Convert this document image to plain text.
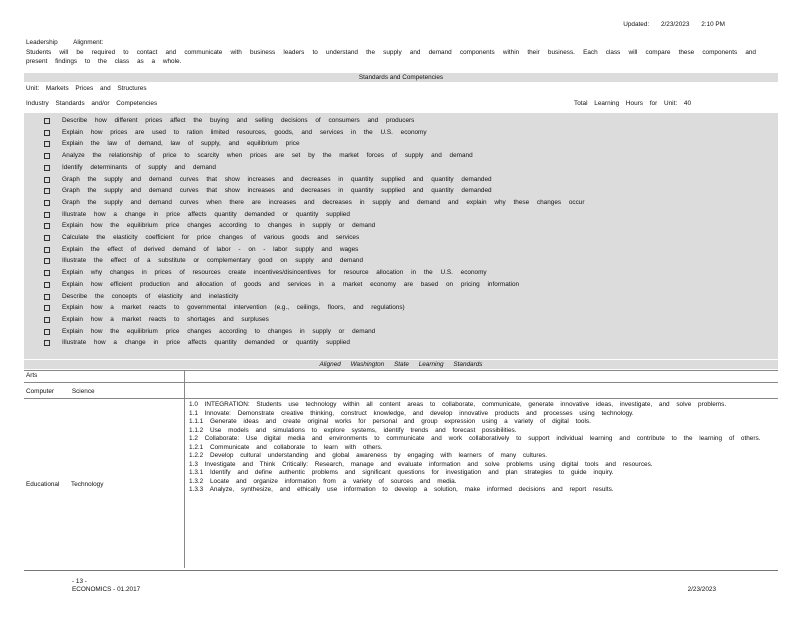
Updated: 2/23/2023 2:10 PM
Leadership Alignment:
Students will be required to contact and communicate with business leaders to understand the supply and demand components within their business. Each class will compare these components and present findings to the class as a whole.
Standards and Competencies
Unit: Markets Prices and Structures
Industry Standards and/or Competencies	Total Learning Hours for Unit: 40
Describe how different prices affect the buying and selling decisions of consumers and producers
Explain how prices are used to ration limited resources, goods, and services in the U.S. economy
Explain the law of demand, law of supply, and equilibrium price
Analyze the relationship of price to scarcity when prices are set by the market forces of supply and demand
Identify determinants of supply and demand
Graph the supply and demand curves that show increases and decreases in quantity supplied and quantity demanded
Graph the supply and demand curves that show increases and decreases in quantity supplied and quantity demanded
Graph the supply and demand curves when there are increases and decreases in supply and demand and explain why these changes occur
Illustrate how a change in price affects quantity demanded or quantity supplied
Explain how the equilibrium price changes according to changes in supply or demand
Calculate the elasticity coefficient for price changes of various goods and services
Explain the effect of derived demand of labor - on - labor supply and wages
Illustrate the effect of a substitute or complementary good on supply and demand
Explain why changes in prices of resources create incentives/disincentives for resource allocation in the U.S. economy
Explain how efficient production and allocation of goods and services in a market economy are based on pricing information
Describe the concepts of elasticity and inelasticity
Explain how a market reacts to governmental intervention (e.g., ceilings, floors, and regulations)
Explain how a market reacts to shortages and surpluses
Explain how the equilibrium price changes according to changes in supply or demand
Illustrate how a change in price affects quantity demanded or quantity supplied
Aligned Washington State Learning Standards
Arts
Computer Science
Educational Technology
1.0 INTEGRATION: Students use technology within all content areas to collaborate, communicate, generate innovative ideas, investigate, and solve problems.
1.1 Innovate: Demonstrate creative thinking, construct knowledge, and develop innovative products and processes using technology.
1.1.1 Generate ideas and create original works for personal and group expression using a variety of digital tools.
1.1.2 Use models and simulations to explore systems, identify trends and forecast possibilities.
1.2 Collaborate: Use digital media and environments to communicate and work collaboratively to support individual learning and contribute to the learning of others.
1.2.1 Communicate and collaborate to learn with others.
1.2.2 Develop cultural understanding and global awareness by engaging with learners of many cultures.
1.3 Investigate and Think Critically: Research, manage and evaluate information and solve problems using digital tools and resources.
1.3.1 Identify and define authentic problems and significant questions for investigation and plan strategies to guide inquiry.
1.3.2 Locate and organize information from a variety of sources and media.
1.3.3 Analyze, synthesize, and ethically use information to develop a solution, make informed decisions and report results.
- 13 -
ECONOMICS - 01.2017	2/23/2023
